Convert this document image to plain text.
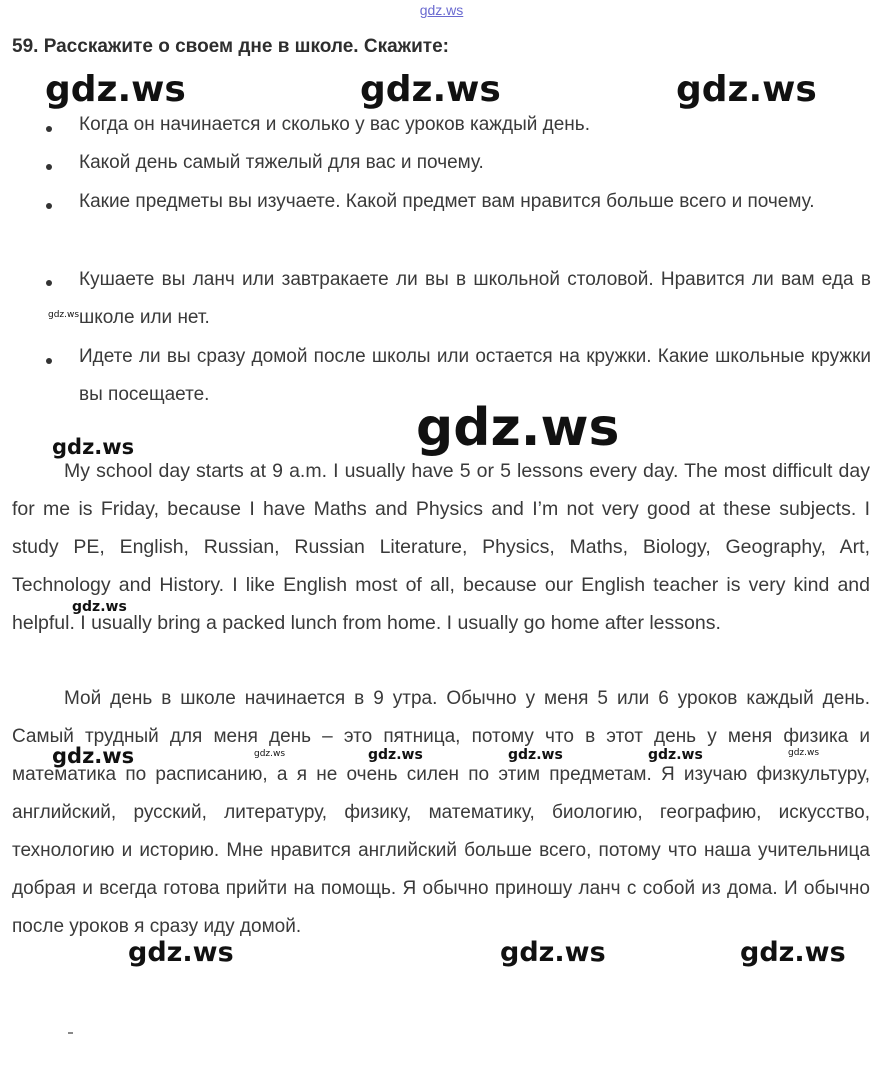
gdz.ws
59. Расскажите о своем дне в школе. Скажите:
gdz.ws	gdz.ws	gdz.ws
Когда он начинается и сколько у вас уроков каждый день.
Какой день самый тяжелый для вас и почему.
Какие предметы вы изучаете. Какой предмет вам нравится больше всего и почему.
Кушаете вы ланч или завтракаете ли вы в школьной столовой. Нравится ли вам еда в школе или нет.
Идете ли вы сразу домой после школы или остается на кружки. Какие школьные кружки вы посещаете.
gdz.ws
gdz.ws
gdz.ws
My school day starts at 9 a.m. I usually have 5 or 5 lessons every day. The most difficult day for me is Friday, because I have Maths and Physics and I’m not very good at these subjects. I study PE, English, Russian, Russian Literature, Physics, Maths, Biology, Geography, Art, Technology and History. I like English most of all, because our English teacher is very kind and helpful. I usually bring a packed lunch from home. I usually go home after lessons.
gdz.ws
Мой день в школе начинается в 9 утра. Обычно у меня 5 или 6 уроков каждый день. Самый трудный для меня день – это пятница, потому что в этот день у меня физика и математика по расписанию, а я не очень силен по этим предметам. Я изучаю физкультуру, английский, русский, литературу, физику, математику, биологию, географию, искусство, технологию и историю. Мне нравится английский больше всего, потому что наша учительница добрая и всегда готова прийти на помощь. Я обычно приношу ланч с собой из дома. И обычно после уроков я сразу иду домой.
gdz.ws	gdz.ws	gdz.ws	gdz.ws	gdz.ws	gdz.ws
gdz.ws	gdz.ws	gdz.ws
